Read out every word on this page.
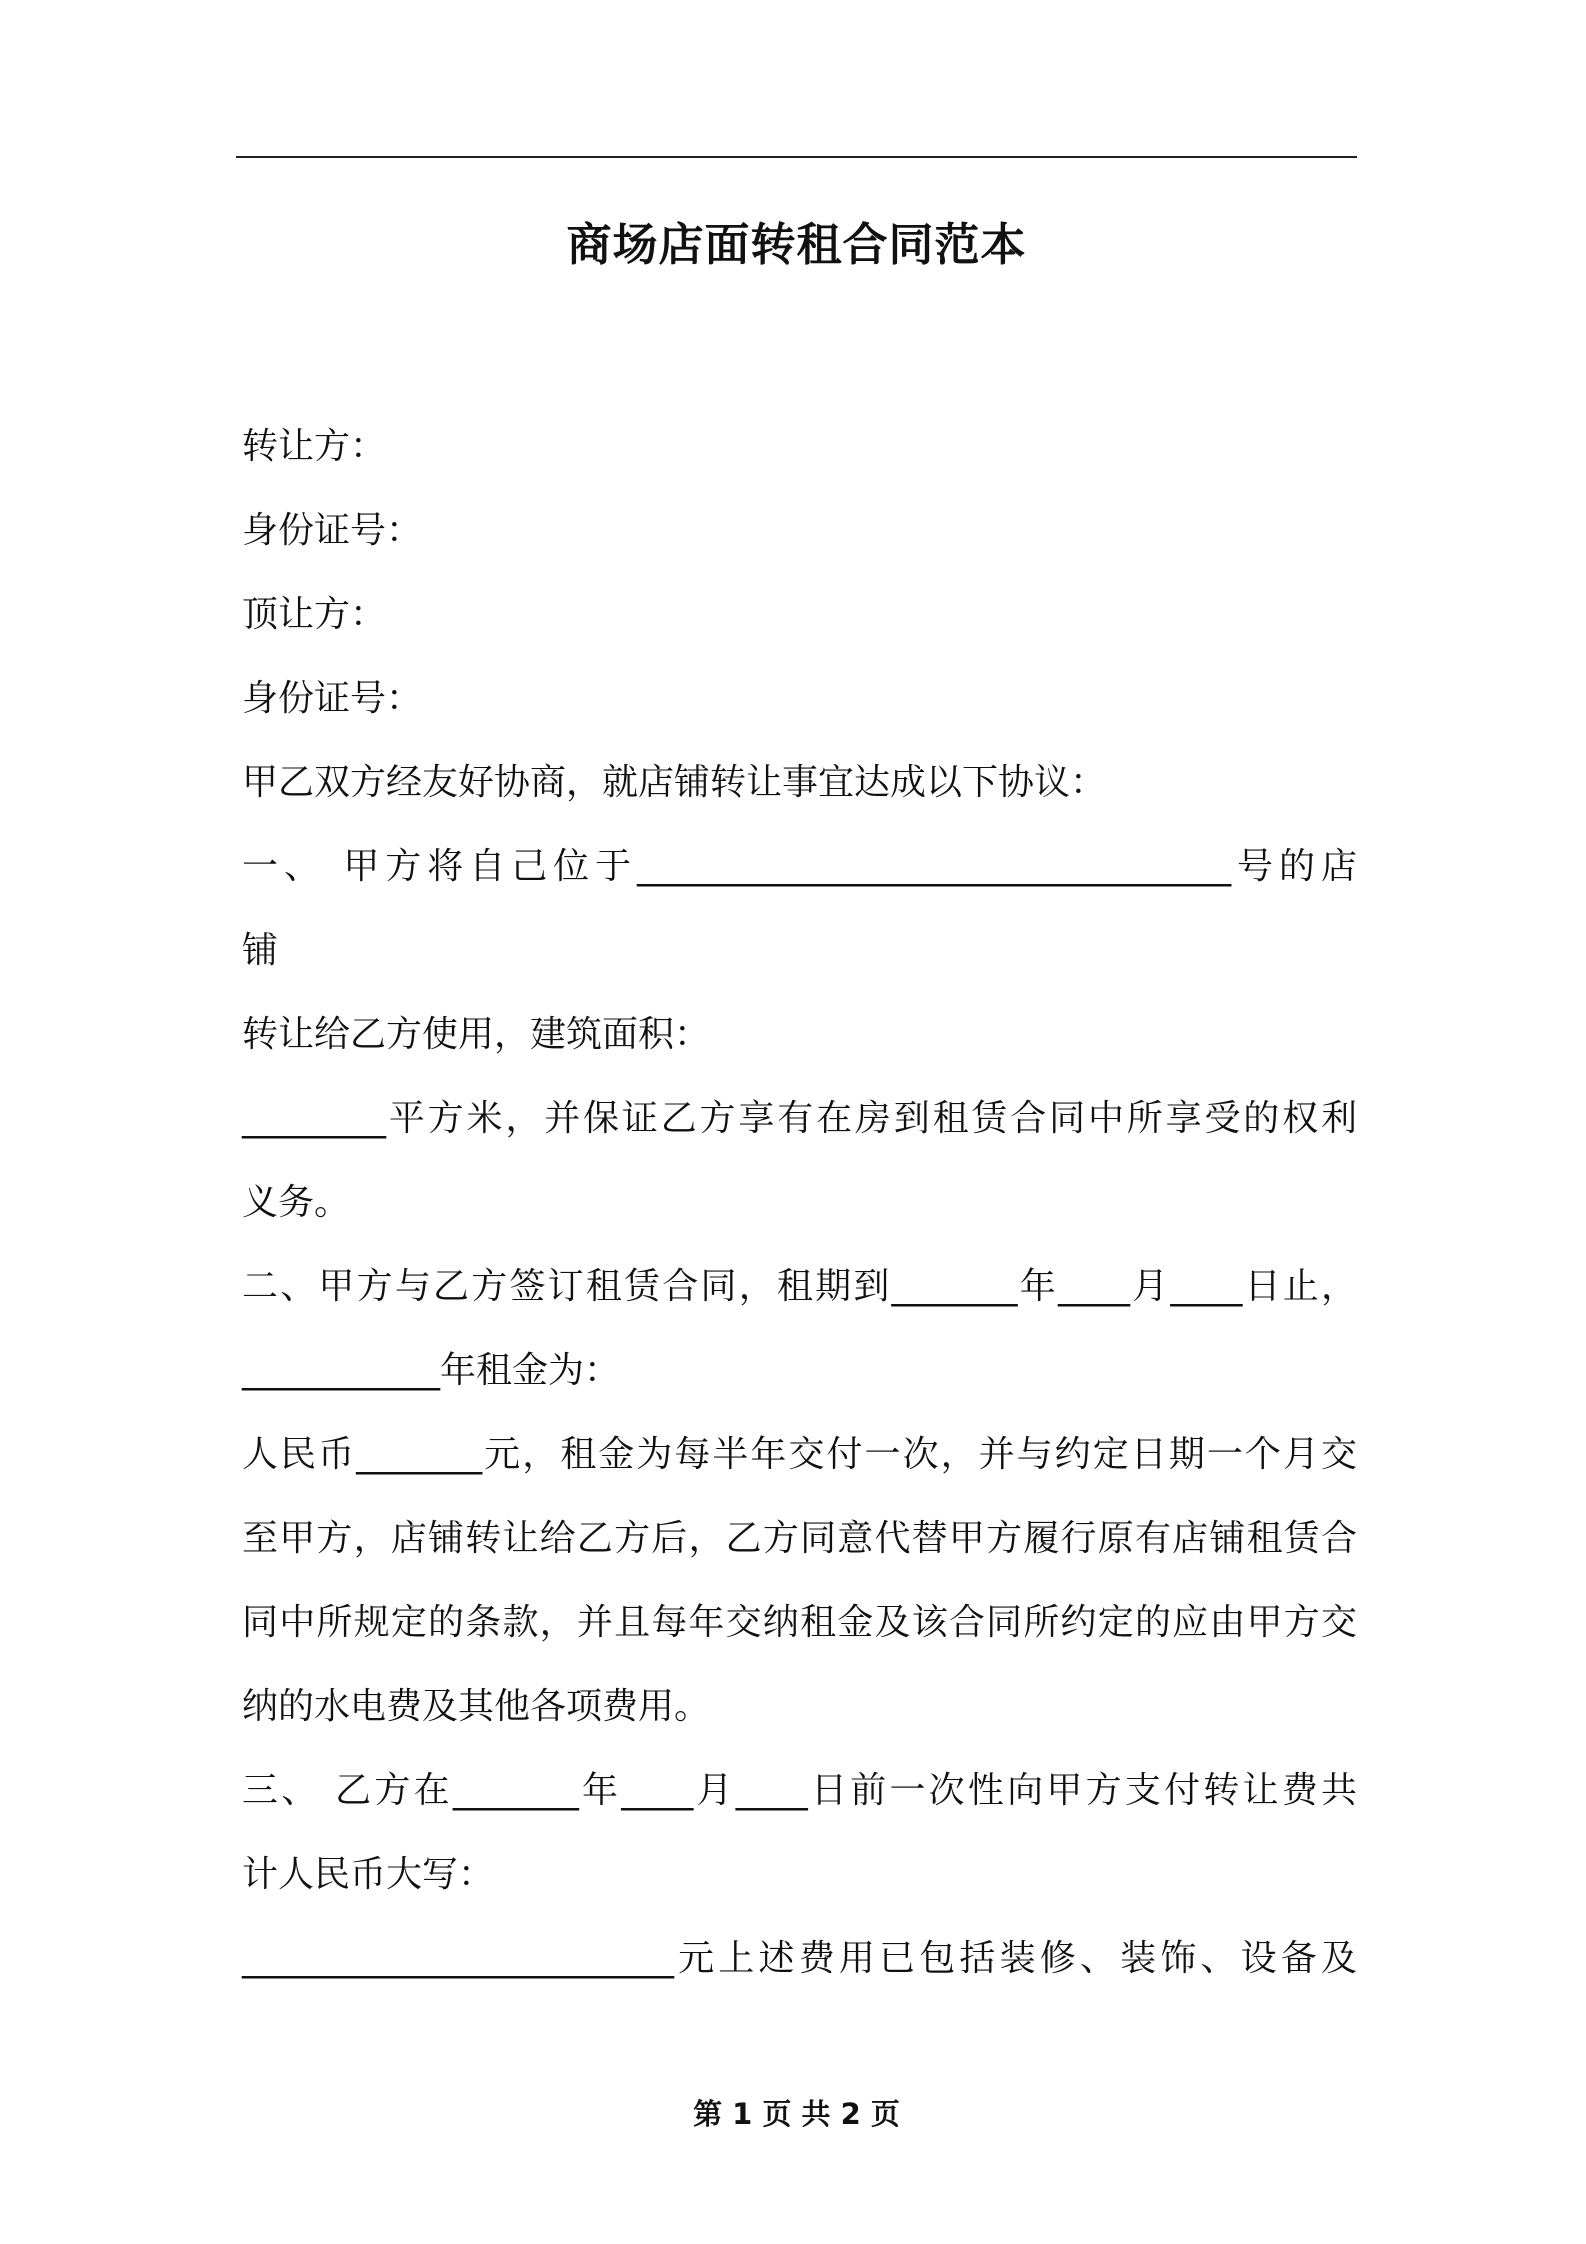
商场店面转租合同范本
转让方：
身份证号：
顶让方：
身份证号：
甲乙双方经友好协商，就店铺转让事宜达成以下协议：
一、 甲方将自己位于_________________________________号的店
铺
转让给乙方使用，建筑面积：
________平方米，并保证乙方享有在房到租赁合同中所享受的权利
义务。
二、甲方与乙方签订租赁合同，租期到_______年____月____日止，
___________年租金为：
人民币_______元，租金为每半年交付一次，并与约定日期一个月交
至甲方，店铺转让给乙方后，乙方同意代替甲方履行原有店铺租赁合
同中所规定的条款，并且每年交纳租金及该合同所约定的应由甲方交
纳的水电费及其他各项费用。
三、 乙方在_______年____月____日前一次性向甲方支付转让费共
计人民币大写：
________________________元上述费用已包括装修、装饰、设备及
第 1 页 共 2 页
